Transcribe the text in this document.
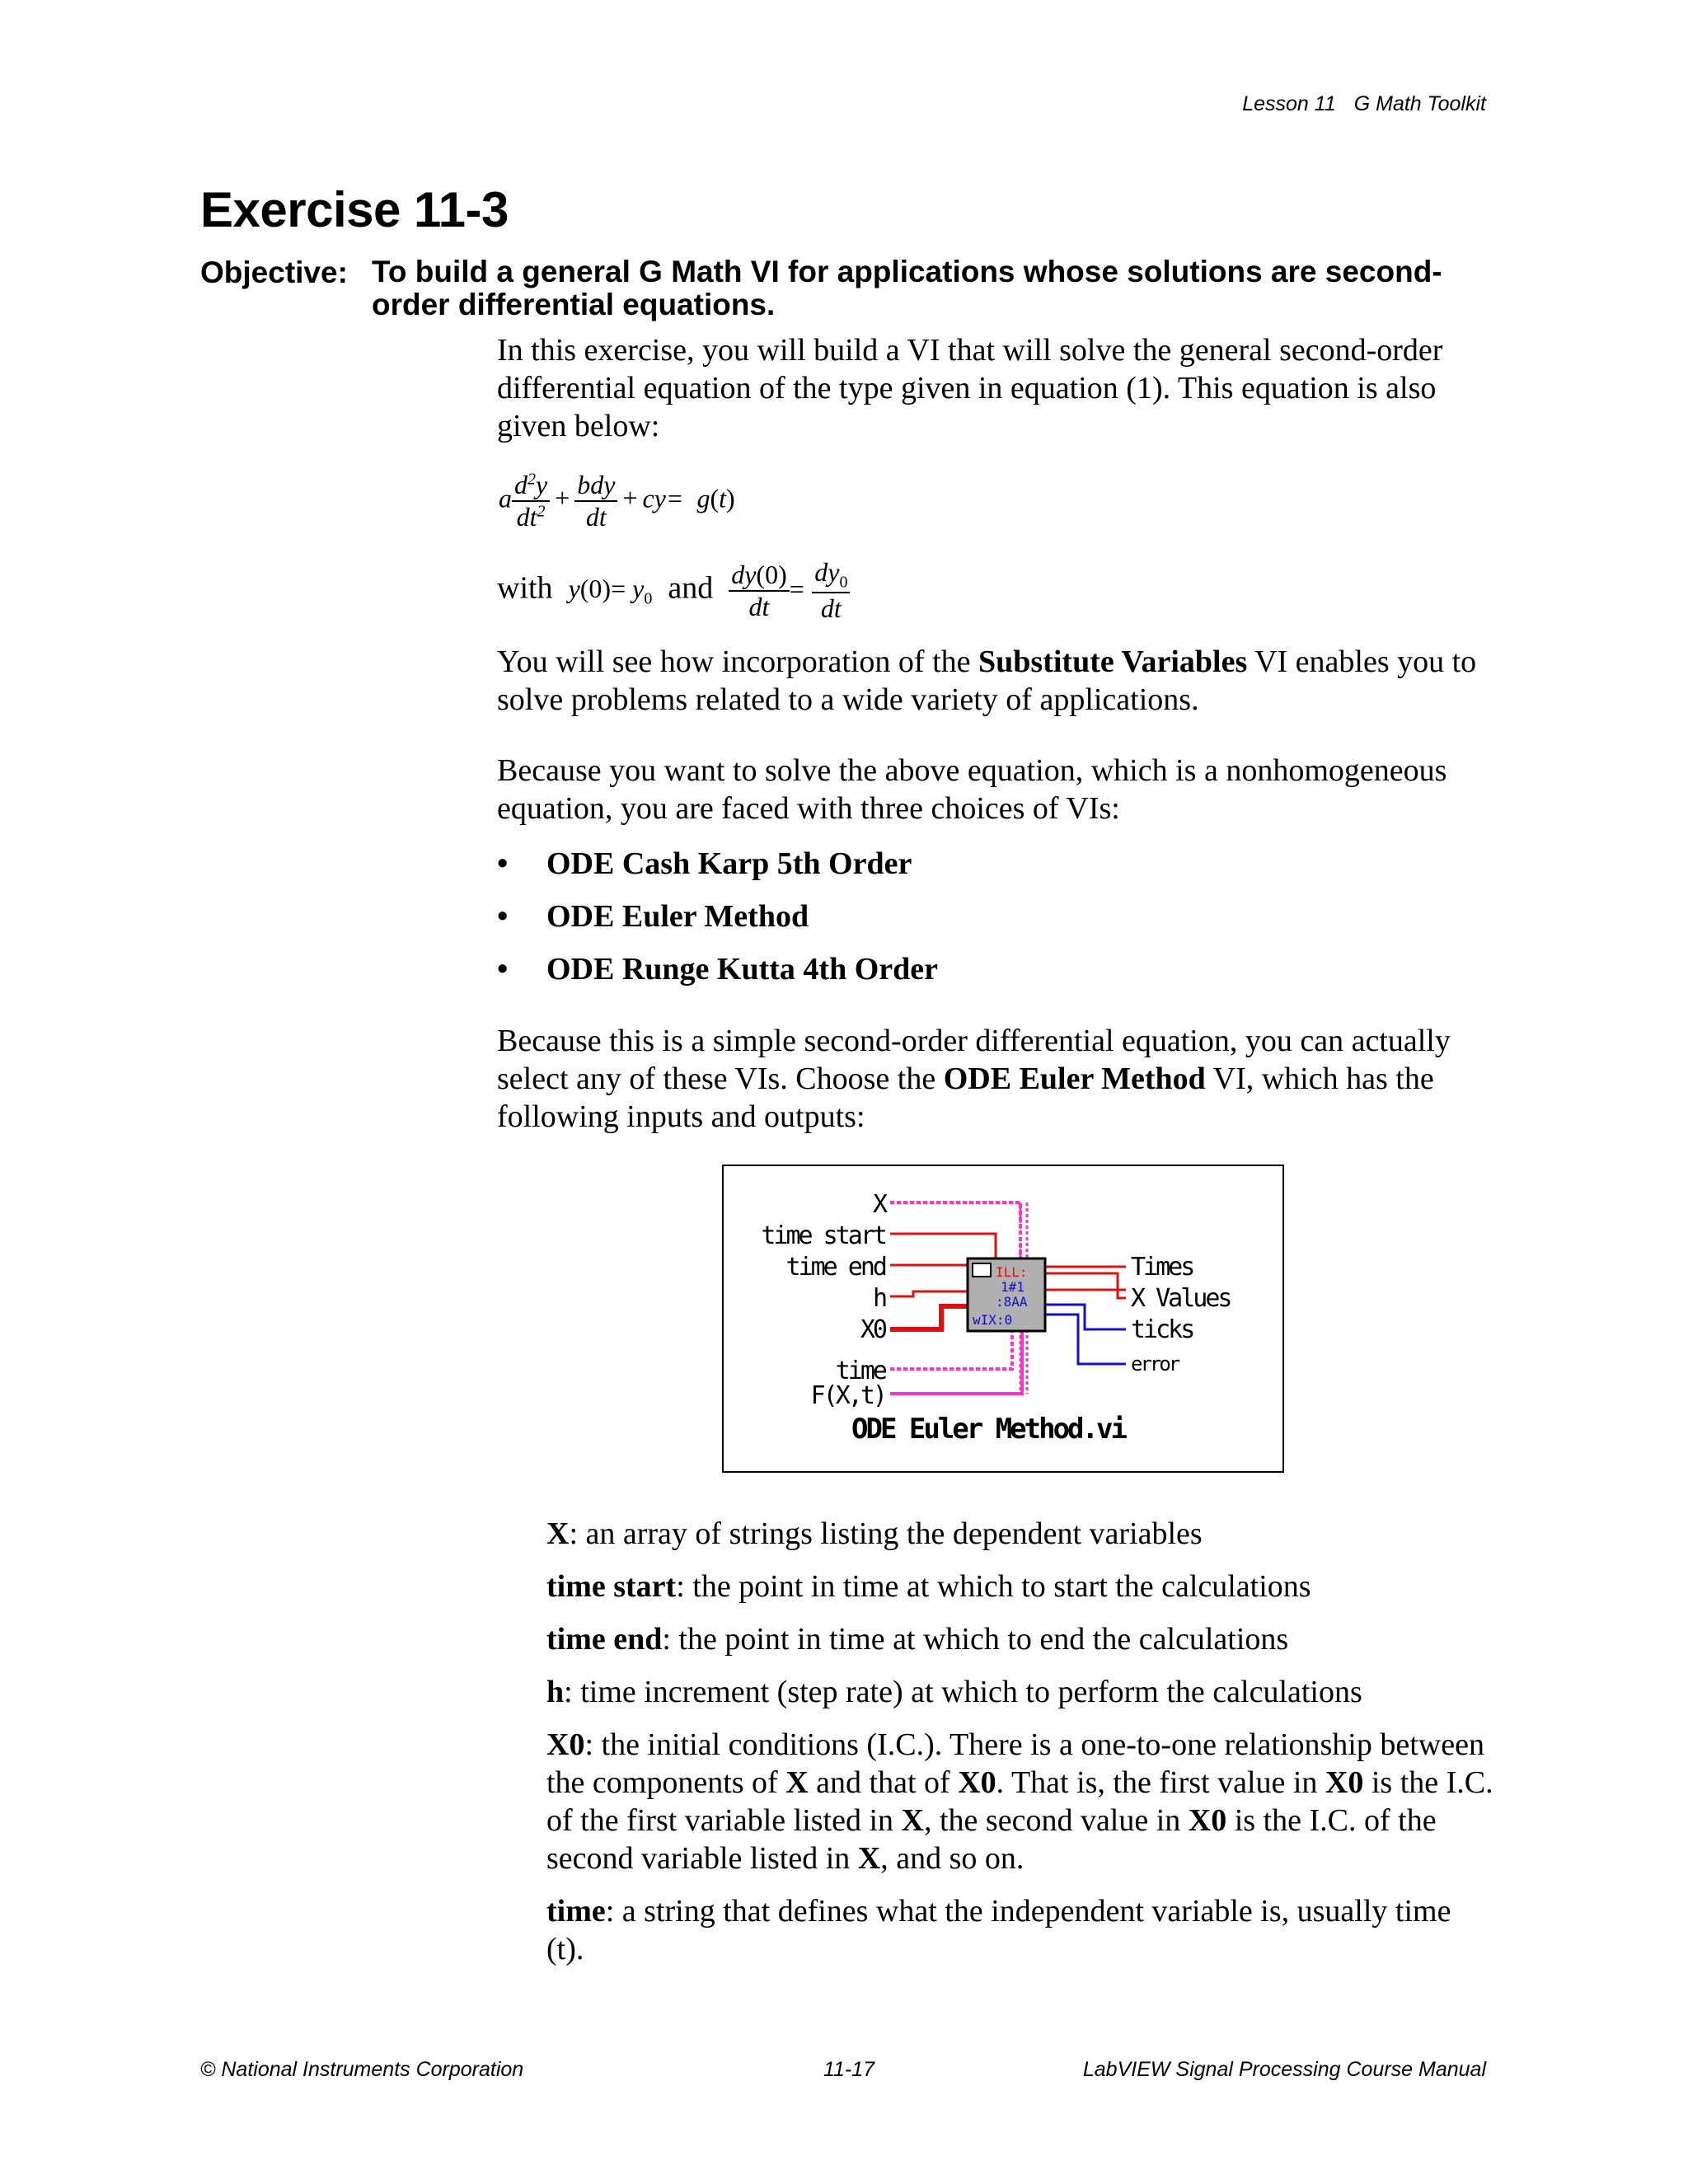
Lesson 11 G Math Toolkit
Exercise 11-3
Objective: To build a general G Math VI for applications whose solutions are second-order differential equations.

In this exercise, you will build a VI that will solve the general second-order differential equation of the type given in equation (1). This equation is also given below:

a $\frac{d^2y}{dt^2} + \frac{\text{bdy}}{dt} + cy= g(t)$
with $y(0)= y_0$ and $\frac{dy(0)}{dt} = \frac{dy_0}{dt}$

You will see how incorporation of the Substitute Variables VI enables you to solve problems related to a wide variety of applications.

Because you want to solve the above equation, which is a nonhomogeneous equation, you are faced with three choices of VIs:

• ODE Cash Karp 5th Order
• ODE Euler Method
• ODE Runge Kutta 4th Order

Because this is a simple second-order differential equation, you can actually select any of these VIs. Choose the ODE Euler Method VI, which has the following inputs and outputs:

ILL:
1#1
:8AA
wIX:0
X
time start
time end
h
X0
time
F(X,t)
Times
X Values
ticks
error
ODE Euler Method.vi

X: an array of strings listing the dependent variables

time start: the point in time at which to start the calculations

time end: the point in time at which to end the calculations

h: time increment (step rate) at which to perform the calculations

X0: the initial conditions (I.C.). There is a one-to-one relationship between the components of X and that of X0. That is, the first value in X0 is the I.C. of the first variable listed in X, the second value in X0 is the I.C. of the second variable listed in X, and so on.

time: a string that defines what the independent variable is, usually time (t).

© National Instruments Corporation	11-17	LabVIEW Signal Processing Course Manual
